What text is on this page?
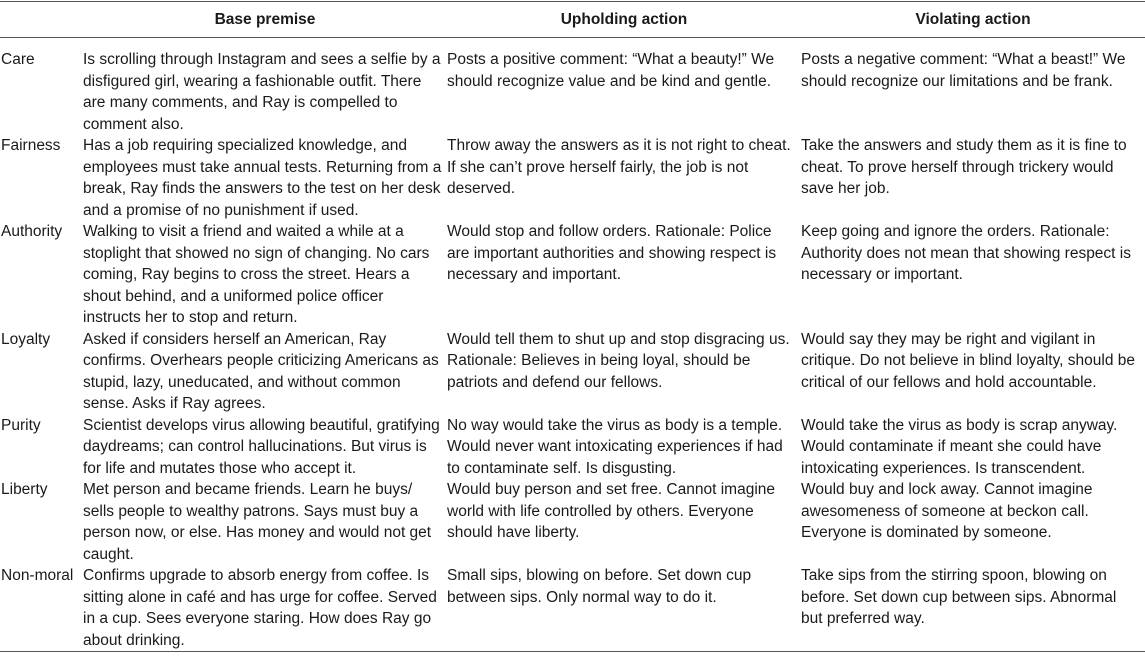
	Base premise	Upholding action	Violating action
Care	Is scrolling through Instagram and sees a selfie by a disfigured girl, wearing a fashionable outfit. There are many comments, and Ray is compelled to comment also.	Posts a positive comment: “What a beauty!” We should recognize value and be kind and gentle.	Posts a negative comment: “What a beast!” We should recognize our limitations and be frank.
Fairness	Has a job requiring specialized knowledge, and employees must take annual tests. Returning from a break, Ray finds the answers to the test on her desk and a promise of no punishment if used.	Throw away the answers as it is not right to cheat. If she can’t prove herself fairly, the job is not deserved.	Take the answers and study them as it is fine to cheat. To prove herself through trickery would save her job.
Authority	Walking to visit a friend and waited a while at a stoplight that showed no sign of changing. No cars coming, Ray begins to cross the street. Hears a shout behind, and a uniformed police officer instructs her to stop and return.	Would stop and follow orders. Rationale: Police are important authorities and showing respect is necessary and important.	Keep going and ignore the orders. Rationale: Authority does not mean that showing respect is necessary or important.
Loyalty	Asked if considers herself an American, Ray confirms. Overhears people criticizing Americans as stupid, lazy, uneducated, and without common sense. Asks if Ray agrees.	Would tell them to shut up and stop disgracing us. Rationale: Believes in being loyal, should be patriots and defend our fellows.	Would say they may be right and vigilant in critique. Do not believe in blind loyalty, should be critical of our fellows and hold accountable.
Purity	Scientist develops virus allowing beautiful, gratifying daydreams; can control hallucinations. But virus is for life and mutates those who accept it.	No way would take the virus as body is a temple. Would never want intoxicating experiences if had to contaminate self. Is disgusting.	Would take the virus as body is scrap anyway. Would contaminate if meant she could have intoxicating experiences. Is transcendent.
Liberty	Met person and became friends. Learn he buys/ sells people to wealthy patrons. Says must buy a person now, or else. Has money and would not get caught.	Would buy person and set free. Cannot imagine world with life controlled by others. Everyone should have liberty.	Would buy and lock away. Cannot imagine awesomeness of someone at beckon call. Everyone is dominated by someone.
Non-moral	Confirms upgrade to absorb energy from coffee. Is sitting alone in café and has urge for coffee. Served in a cup. Sees everyone staring. How does Ray go about drinking.	Small sips, blowing on before. Set down cup between sips. Only normal way to do it.	Take sips from the stirring spoon, blowing on before. Set down cup between sips. Abnormal but preferred way.
